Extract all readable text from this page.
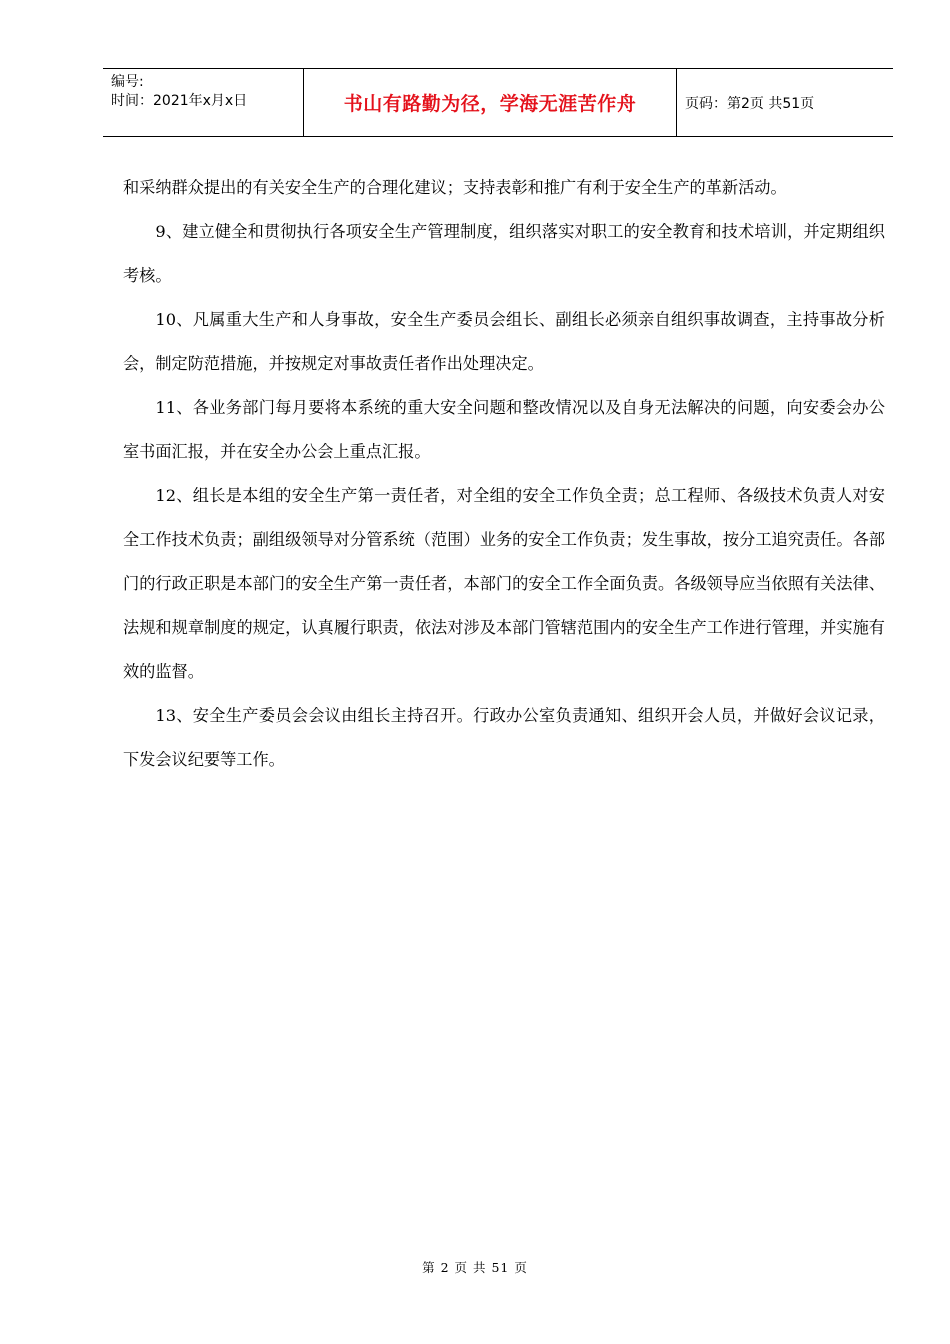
编号:
时间：2021年x月x日	书山有路勤为径，学海无涯苦作舟	页码：第2页 共51页

和采纳群众提出的有关安全生产的合理化建议；支持表彰和推广有利于安全生产的革新活动。

9、建立健全和贯彻执行各项安全生产管理制度，组织落实对职工的安全教育和技术培训，并定期组织考核。

10、凡属重大生产和人身事故，安全生产委员会组长、副组长必须亲自组织事故调查，主持事故分析会，制定防范措施，并按规定对事故责任者作出处理决定。

11、各业务部门每月要将本系统的重大安全问题和整改情况以及自身无法解决的问题，向安委会办公室书面汇报，并在安全办公会上重点汇报。

12、组长是本组的安全生产第一责任者，对全组的安全工作负全责；总工程师、各级技术负责人对安全工作技术负责；副组级领导对分管系统（范围）业务的安全工作负责；发生事故，按分工追究责任。各部门的行政正职是本部门的安全生产第一责任者，本部门的安全工作全面负责。各级领导应当依照有关法律、法规和规章制度的规定，认真履行职责，依法对涉及本部门管辖范围内的安全生产工作进行管理，并实施有效的监督。

13、安全生产委员会会议由组长主持召开。行政办公室负责通知、组织开会人员，并做好会议记录，下发会议纪要等工作。

第 2 页 共 51 页
